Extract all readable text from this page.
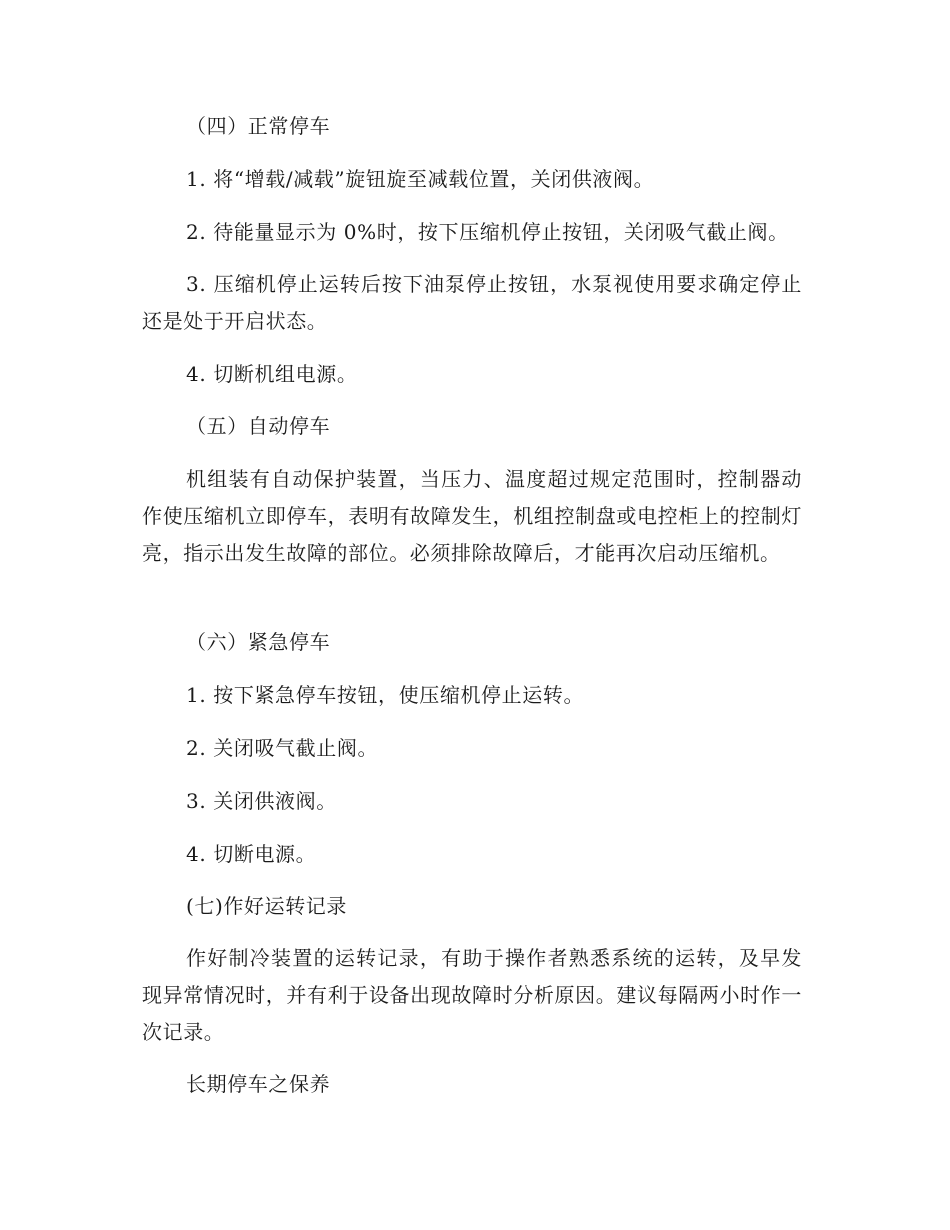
（四）正常停车
1. 将“增载/减载”旋钮旋至减载位置，关闭供液阀。
2. 待能量显示为 0%时，按下压缩机停止按钮，关闭吸气截止阀。
3. 压缩机停止运转后按下油泵停止按钮，水泵视使用要求确定停止还是处于开启状态。
4. 切断机组电源。
（五）自动停车
机组装有自动保护装置，当压力、温度超过规定范围时，控制器动作使压缩机立即停车，表明有故障发生，机组控制盘或电控柜上的控制灯亮，指示出发生故障的部位。必须排除故障后，才能再次启动压缩机。
（六）紧急停车
1. 按下紧急停车按钮，使压缩机停止运转。
2. 关闭吸气截止阀。
3. 关闭供液阀。
4. 切断电源。
(七)作好运转记录
作好制冷装置的运转记录，有助于操作者熟悉系统的运转，及早发现异常情况时，并有利于设备出现故障时分析原因。建议每隔两小时作一次记录。
长期停车之保养
